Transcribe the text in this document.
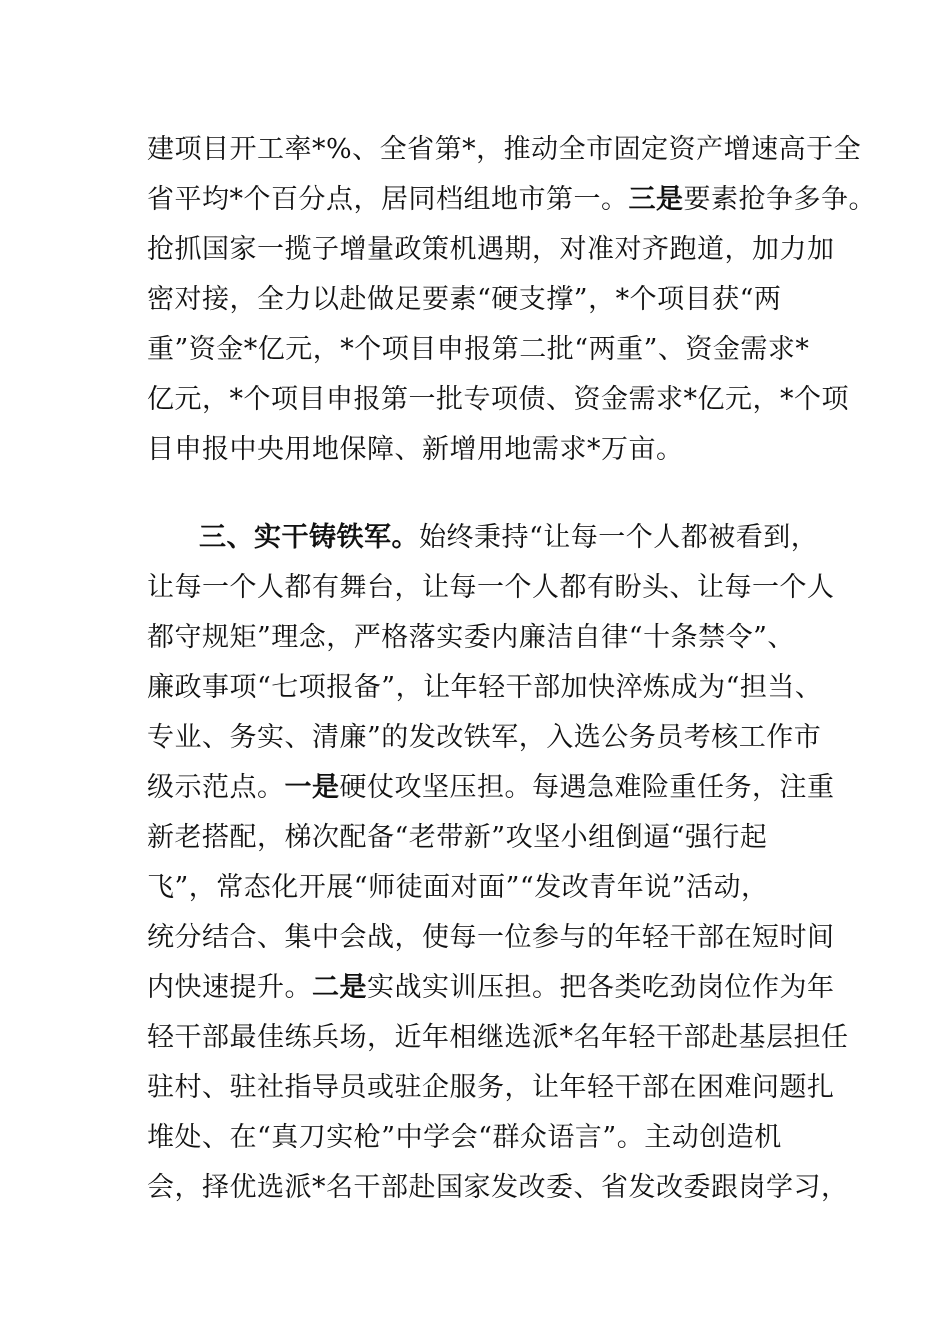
建项目开工率*%、全省第*，推动全市固定资产增速高于全
省平均*个百分点，居同档组地市第一。三是要素抢争多争。
抢抓国家一揽子增量政策机遇期，对准对齐跑道，加力加
密对接，全力以赴做足要素“硬支撑”，*个项目获“两
重”资金*亿元，*个项目申报第二批“两重”、资金需求*
亿元，*个项目申报第一批专项债、资金需求*亿元，*个项
目申报中央用地保障、新增用地需求*万亩。
三、实干铸铁军。始终秉持“让每一个人都被看到，
让每一个人都有舞台，让每一个人都有盼头、让每一个人
都守规矩”理念，严格落实委内廉洁自律“十条禁令”、
廉政事项“七项报备”，让年轻干部加快淬炼成为“担当、
专业、务实、清廉”的发改铁军，入选公务员考核工作市
级示范点。一是硬仗攻坚压担。每遇急难险重任务，注重
新老搭配，梯次配备“老带新”攻坚小组倒逼“强行起
飞”，常态化开展“师徒面对面”“发改青年说”活动，
统分结合、集中会战，使每一位参与的年轻干部在短时间
内快速提升。二是实战实训压担。把各类吃劲岗位作为年
轻干部最佳练兵场，近年相继选派*名年轻干部赴基层担任
驻村、驻社指导员或驻企服务，让年轻干部在困难问题扎
堆处、在“真刀实枪”中学会“群众语言”。主动创造机
会，择优选派*名干部赴国家发改委、省发改委跟岗学习，
